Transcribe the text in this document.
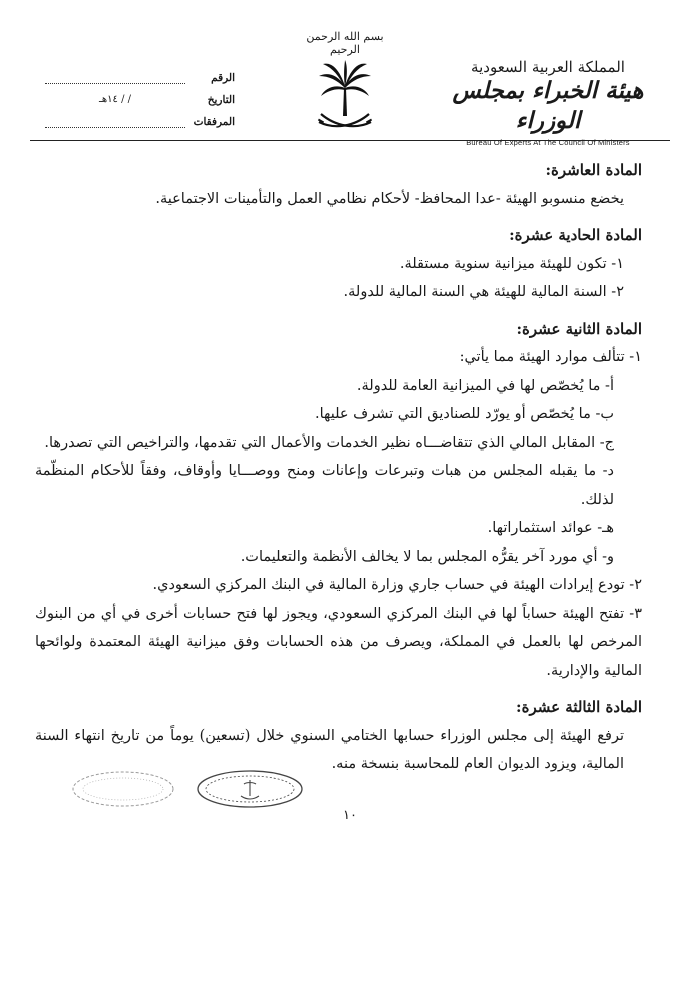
المملكة العربية السعودية
هيئة الخبراء بمجلس الوزراء
Bureau Of Experts At The Council Of Ministers
بسم الله الرحمن الرحيم
الرقم
التاريخ
/ / ١٤هـ
المرفقات
المادة العاشرة:
يخضع منسوبو الهيئة -عدا المحافظ- لأحكام نظامي العمل والتأمينات الاجتماعية.
المادة الحادية عشرة:
١- تكون للهيئة ميزانية سنوية مستقلة.
٢- السنة المالية للهيئة هي السنة المالية للدولة.
المادة الثانية عشرة:
١- تتألف موارد الهيئة مما يأتي:
أ- ما يُخصّص لها في الميزانية العامة للدولة.
ب- ما يُخصّص أو يورّد للصناديق التي تشرف عليها.
ج- المقابل المالي الذي تتقاضـــاه نظير الخدمات والأعمال التي تقدمها، والتراخيص التي تصدرها.
د- ما يقبله المجلس من هبات وتبرعات وإعانات ومنح ووصـــايا وأوقاف، وفقاً للأحكام المنظّمة لذلك.
هـ- عوائد استثماراتها.
و- أي مورد آخر يقرُّه المجلس بما لا يخالف الأنظمة والتعليمات.
٢- تودع إيرادات الهيئة في حساب جاري وزارة المالية في البنك المركزي السعودي.
٣- تفتح الهيئة حساباً لها في البنك المركزي السعودي، ويجوز لها فتح حسابات أخرى في أي من البنوك المرخص لها بالعمل في المملكة، ويصرف من هذه الحسابات وفق ميزانية الهيئة المعتمدة ولوائحها المالية والإدارية.
المادة الثالثة عشرة:
ترفع الهيئة إلى مجلس الوزراء حسابها الختامي السنوي خلال (تسعين) يوماً من تاريخ انتهاء السنة المالية، ويزود الديوان العام للمحاسبة بنسخة منه.
١٠
